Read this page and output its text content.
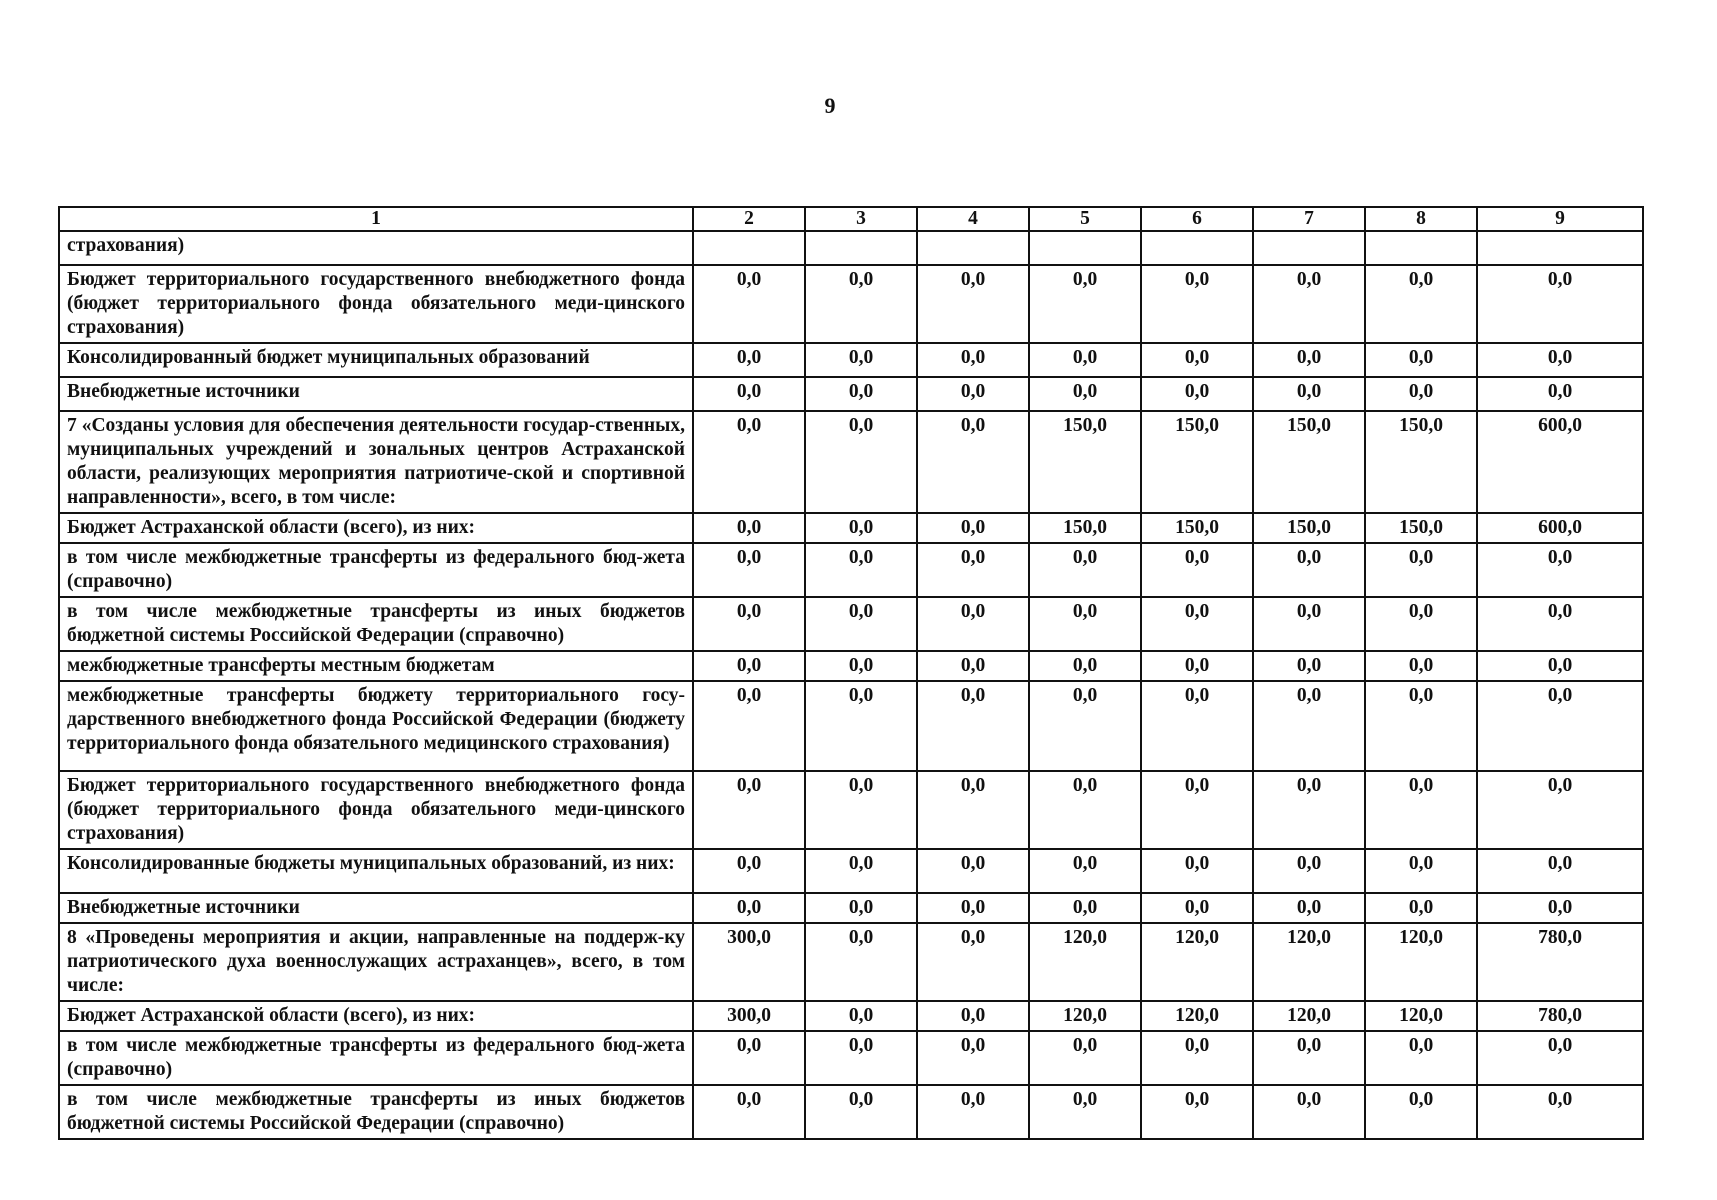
9
1	2	3	4	5	6	7	8	9
страхования)								
Бюджет территориального государственного внебюджетного фонда (бюджет территориального фонда обязательного меди-цинского страхования)	0,0	0,0	0,0	0,0	0,0	0,0	0,0	0,0
Консолидированный бюджет муниципальных образований	0,0	0,0	0,0	0,0	0,0	0,0	0,0	0,0
Внебюджетные источники	0,0	0,0	0,0	0,0	0,0	0,0	0,0	0,0
7 «Созданы условия для обеспечения деятельности государ-ственных, муниципальных учреждений и зональных центров Астраханской области, реализующих мероприятия патриотиче-ской и спортивной направленности», всего, в том числе:	0,0	0,0	0,0	150,0	150,0	150,0	150,0	600,0
Бюджет Астраханской области (всего), из них:	0,0	0,0	0,0	150,0	150,0	150,0	150,0	600,0
в том числе межбюджетные трансферты из федерального бюд-жета (справочно)	0,0	0,0	0,0	0,0	0,0	0,0	0,0	0,0
в том числе межбюджетные трансферты из иных бюджетов бюджетной системы Российской Федерации (справочно)	0,0	0,0	0,0	0,0	0,0	0,0	0,0	0,0
межбюджетные трансферты местным бюджетам	0,0	0,0	0,0	0,0	0,0	0,0	0,0	0,0
межбюджетные трансферты бюджету территориального госу-дарственного внебюджетного фонда Российской Федерации (бюджету территориального фонда обязательного медицинского страхования)	0,0	0,0	0,0	0,0	0,0	0,0	0,0	0,0
Бюджет территориального государственного внебюджетного фонда (бюджет территориального фонда обязательного меди-цинского страхования)	0,0	0,0	0,0	0,0	0,0	0,0	0,0	0,0
Консолидированные бюджеты муниципальных образований, из них:	0,0	0,0	0,0	0,0	0,0	0,0	0,0	0,0
Внебюджетные источники	0,0	0,0	0,0	0,0	0,0	0,0	0,0	0,0
8 «Проведены мероприятия и акции, направленные на поддерж-ку патриотического духа военнослужащих астраханцев», всего, в том числе:	300,0	0,0	0,0	120,0	120,0	120,0	120,0	780,0
Бюджет Астраханской области (всего), из них:	300,0	0,0	0,0	120,0	120,0	120,0	120,0	780,0
в том числе межбюджетные трансферты из федерального бюд-жета (справочно)	0,0	0,0	0,0	0,0	0,0	0,0	0,0	0,0
в том числе межбюджетные трансферты из иных бюджетов бюджетной системы Российской Федерации (справочно)	0,0	0,0	0,0	0,0	0,0	0,0	0,0	0,0
